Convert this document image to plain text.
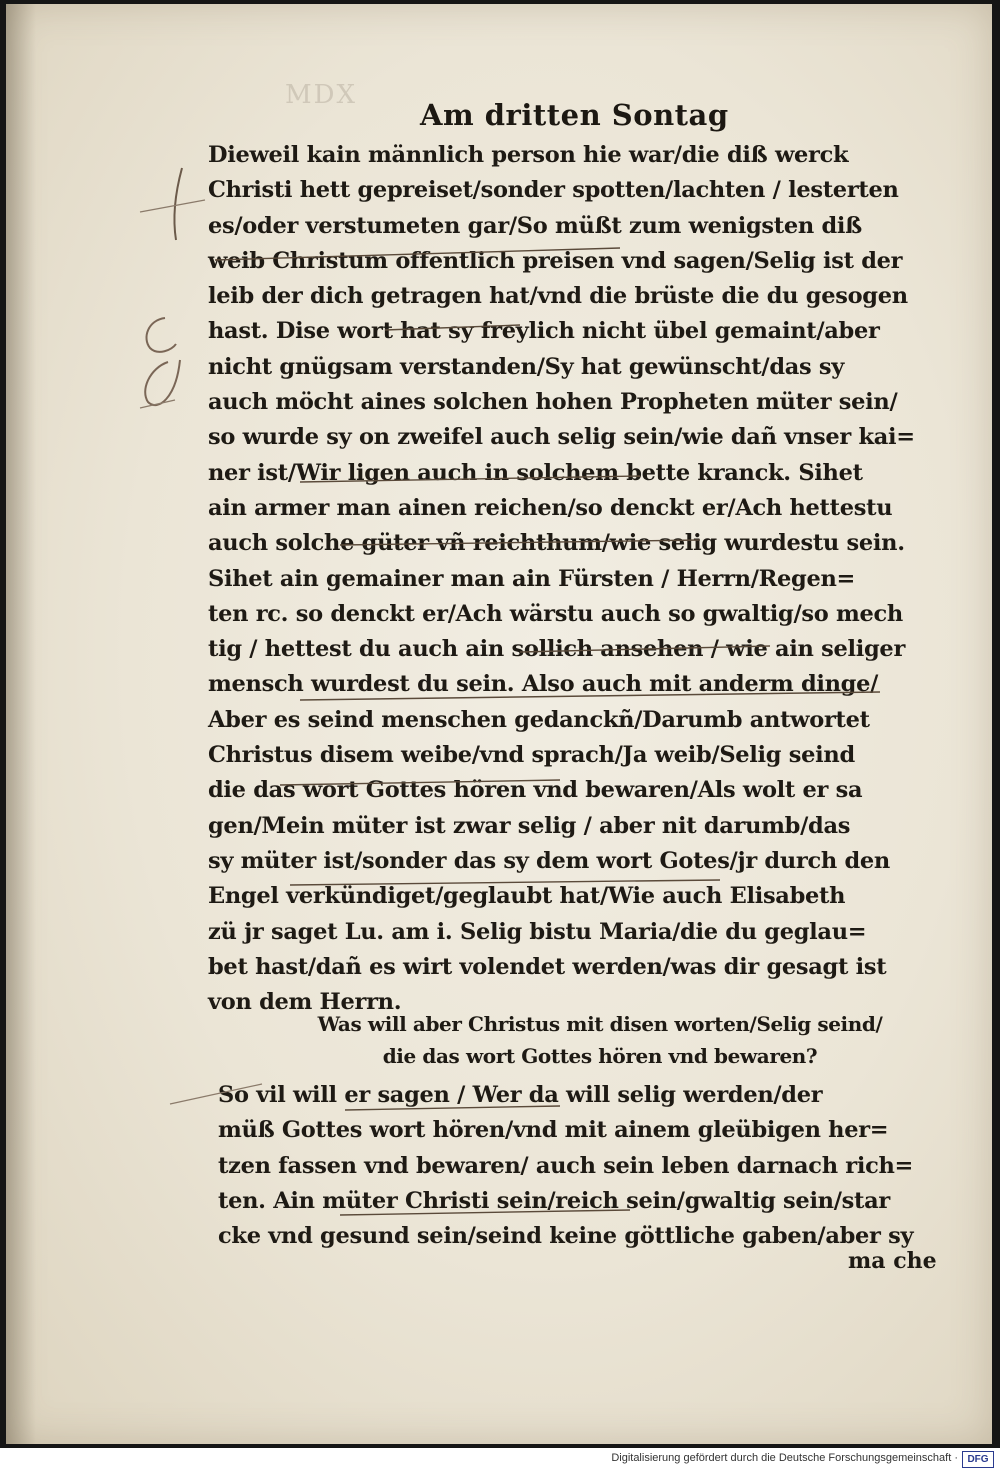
MDX
Am dritten Sontag
Dieweil kain männlich person hie war/die diß werck
Christi hett gepreiset/sonder spotten/lachten / lesterten
es/oder verstumeten gar/So müßt zum wenigsten diß
weib Christum offentlich preisen vnd sagen/Selig ist der
leib der dich getragen hat/vnd die brüste die du gesogen
hast. Dise wort hat sy freylich nicht übel gemaint/aber
nicht gnügsam verstanden/Sy hat gewünscht/das sy
auch möcht aines solchen hohen Propheten müter sein/
so wurde sy on zweifel auch selig sein/wie dañ vnser kai=
ner ist/Wir ligen auch in solchem bette kranck. Sihet
ain armer man ainen reichen/so denckt er/Ach hettestu
auch solche güter vñ reichthum/wie selig wurdestu sein.
Sihet ain gemainer man ain Fürsten / Herrn/Regen=
ten rc. so denckt er/Ach wärstu auch so gwaltig/so mech
tig / hettest du auch ain sollich ansehen / wie ain seliger
mensch wurdest du sein. Also auch mit anderm dinge/
Aber es seind menschen gedanckñ/Darumb antwortet
Christus disem weibe/vnd sprach/Ja weib/Selig seind
die das wort Gottes hören vnd bewaren/Als wolt er sa
gen/Mein müter ist zwar selig / aber nit darumb/das
sy müter ist/sonder das sy dem wort Gotes/jr durch den
Engel verkündiget/geglaubt hat/Wie auch Elisabeth
zü jr saget Lu. am i. Selig bistu Maria/die du geglau=
bet hast/dañ es wirt volendet werden/was dir gesagt ist
von dem Herrn.
Was will aber Christus mit disen worten/Selig seind/
die das wort Gottes hören vnd bewaren?
So vil will er sagen / Wer da will selig werden/der
müß Gottes wort hören/vnd mit ainem gleübigen her=
tzen fassen vnd bewaren/ auch sein leben darnach rich=
ten. Ain müter Christi sein/reich sein/gwaltig sein/star
cke vnd gesund sein/seind keine göttliche gaben/aber sy
ma che
Digitalisierung gefördert durch die Deutsche Forschungsgemeinschaft · DFG
